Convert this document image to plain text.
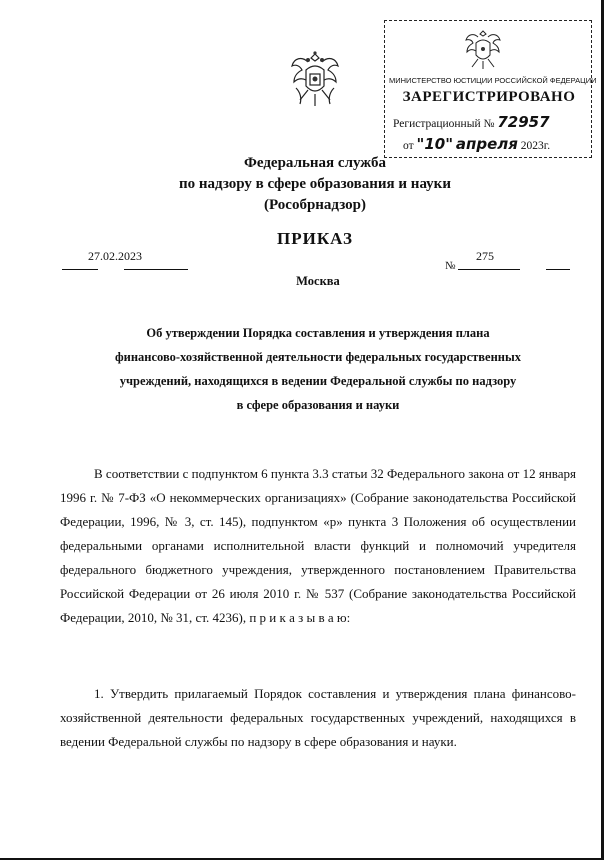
МИНИСТЕРСТВО ЮСТИЦИИ РОССИЙСКОЙ ФЕДЕРАЦИИ
ЗАРЕГИСТРИРОВАНО
Регистрационный № 72957
от "10" апреля 2023г.
Федеральная служба
по надзору в сфере образования и науки
(Рособрнадзор)
ПРИКАЗ
27.02.2023
№
275
Москва
Об утверждении Порядка составления и утверждения плана
финансово-хозяйственной деятельности федеральных государственных
учреждений, находящихся в ведении Федеральной службы по надзору
в сфере образования и науки
В соответствии с подпунктом 6 пункта 3.3 статьи 32 Федерального закона от 12 января 1996 г. № 7-ФЗ «О некоммерческих организациях» (Собрание законодательства Российской Федерации, 1996, № 3, ст. 145), подпунктом «р» пункта 3 Положения об осуществлении федеральными органами исполнительной власти функций и полномочий учредителя федерального бюджетного учреждения, утвержденного постановлением Правительства Российской Федерации от 26 июля 2010 г. № 537 (Собрание законодательства Российской Федерации, 2010, № 31, ст. 4236), п р и к а з ы в а ю:
1. Утвердить прилагаемый Порядок составления и утверждения плана финансово-хозяйственной деятельности федеральных государственных учреждений, находящихся в ведении Федеральной службы по надзору в сфере образования и науки.
